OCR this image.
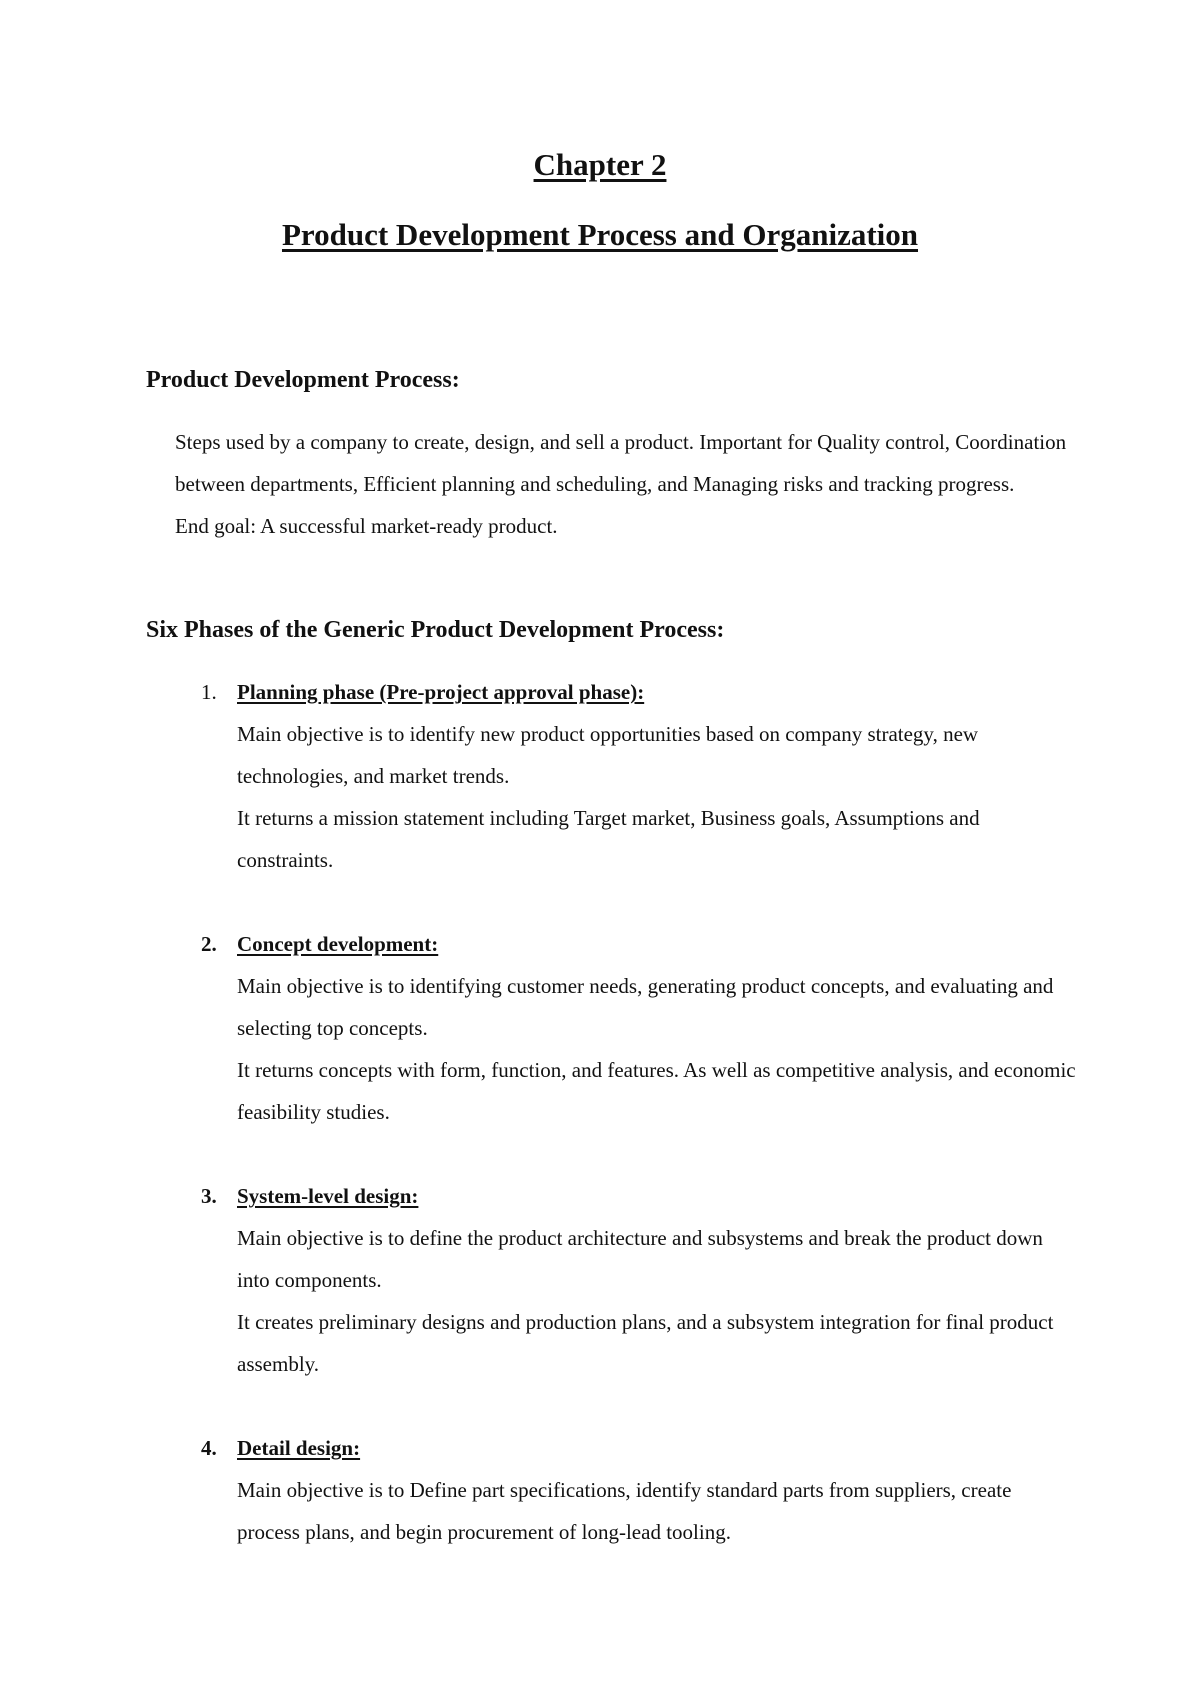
Chapter 2
Product Development Process and Organization
Product Development Process:

Steps used by a company to create, design, and sell a product. Important for Quality control, Coordination between departments, Efficient planning and scheduling, and Managing risks and tracking progress.

End goal: A successful market-ready product.

Six Phases of the Generic Product Development Process:
1. Planning phase (Pre-project approval phase):

Main objective is to identify new product opportunities based on company strategy, new technologies, and market trends.

It returns a mission statement including Target market, Business goals, Assumptions and constraints.

2. Concept development:

Main objective is to identifying customer needs, generating product concepts, and evaluating and selecting top concepts.

It returns concepts with form, function, and features. As well as competitive analysis, and economic feasibility studies.

3. System-level design:

Main objective is to define the product architecture and subsystems and break the product down into components.

It creates preliminary designs and production plans, and a subsystem integration for final product assembly.

4. Detail design:

Main objective is to Define part specifications, identify standard parts from suppliers, create process plans, and begin procurement of long-lead tooling.
